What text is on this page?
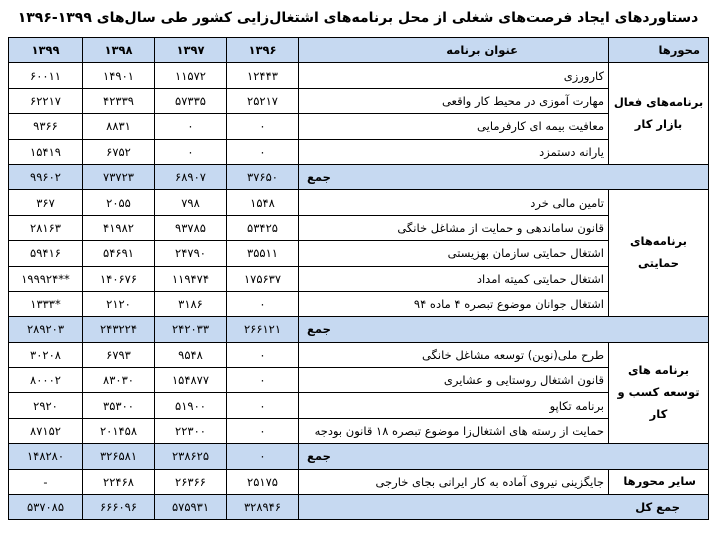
دستاوردهای ایجاد فرصت‌های شغلی از محل برنامه‌های اشتغال‌زایی کشور طی سال‌های ۱۳۹۹-۱۳۹۶
محورها	عنوان برنامه	۱۳۹۶	۱۳۹۷	۱۳۹۸	۱۳۹۹
برنامه‌های فعال بازار کار	کارورزی	۱۲۴۴۳	۱۱۵۷۲	۱۴۹۰۱	۶۰۰۱۱
	مهارت آموزی در محیط کار واقعی	۲۵۲۱۷	۵۷۳۳۵	۴۲۳۳۹	۶۲۲۱۷
	معافیت بیمه ای کارفرمایی	۰	۰	۸۸۳۱	۹۳۶۶
	یارانه دستمزد	۰	۰	۶۷۵۲	۱۵۴۱۹
جمع		۳۷۶۵۰	۶۸۹۰۷	۷۳۷۲۳	۹۹۶۰۲
برنامه‌های حمایتی	تامین مالی خرد	۱۵۴۸	۷۹۸	۲۰۵۵	۳۶۷
	قانون ساماندهی و حمایت از مشاغل خانگی	۵۳۴۲۵	۹۳۷۸۵	۴۱۹۸۲	۲۸۱۶۳
	اشتغال حمایتی سازمان بهزیستی	۳۵۵۱۱	۲۴۷۹۰	۵۴۶۹۱	۵۹۴۱۶
	اشتغال حمایتی کمیته امداد	۱۷۵۶۳۷	۱۱۹۴۷۴	۱۴۰۶۷۶	۱۹۹۹۲۴**
	اشتغال جوانان موضوع تبصره ۴ ماده ۹۴	۰	۳۱۸۶	۲۱۲۰	۱۳۳۳*
جمع		۲۶۶۱۲۱	۲۴۲۰۳۳	۲۴۳۲۲۴	۲۸۹۲۰۳
برنامه های توسعه کسب و کار	طرح ملی(نوین) توسعه مشاغل خانگی	۰	۹۵۴۸	۶۷۹۳	۳۰۲۰۸
	قانون اشتغال روستایی و عشایری	۰	۱۵۴۸۷۷	۸۳۰۳۰	۸۰۰۰۲
	برنامه تکاپو	۰	۵۱۹۰۰	۳۵۳۰۰	۲۹۲۰
	حمایت از رسته های اشتغال‌زا موضوع تبصره ۱۸ قانون بودجه	۰	۲۲۳۰۰	۲۰۱۴۵۸	۸۷۱۵۲
جمع		۰	۲۳۸۶۲۵	۳۲۶۵۸۱	۱۴۸۲۸۰
سایر محورها	جایگزینی نیروی آماده به کار ایرانی بجای خارجی	۲۵۱۷۵	۲۶۳۶۶	۲۲۴۶۸	-
جمع کل		۳۲۸۹۴۶	۵۷۵۹۳۱	۶۶۶۰۹۶	۵۳۷۰۸۵
